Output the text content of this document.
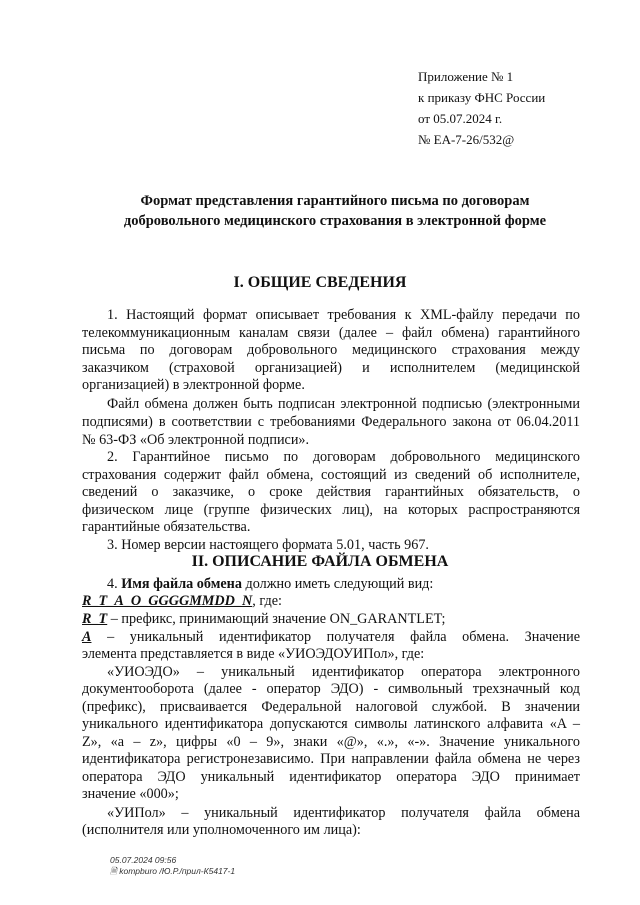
Приложение № 1
к приказу ФНС России
от 05.07.2024 г.
№ ЕА-7-26/532@
Формат представления гарантийного письма по договорам
добровольного медицинского страхования в электронной форме
I. ОБЩИЕ СВЕДЕНИЯ
1. Настоящий формат описывает требования к XML-файлу передачи по
телекоммуникационным каналам связи (далее – файл обмена) гарантийного
письма по договорам добровольного медицинского страхования между
заказчиком (страховой организацией) и исполнителем (медицинской
организацией) в электронной форме.
Файл обмена должен быть подписан электронной подписью (электронными
подписями) в соответствии с требованиями Федерального закона от 06.04.2011
№ 63-ФЗ «Об электронной подписи».
2. Гарантийное письмо по договорам добровольного медицинского
страхования содержит файл обмена, состоящий из сведений об исполнителе,
сведений о заказчике, о сроке действия гарантийных обязательств, о
физическом лице (группе физических лиц), на которых распространяются
гарантийные обязательства.
3. Номер версии настоящего формата 5.01, часть 967.
II. ОПИСАНИЕ ФАЙЛА ОБМЕНА
4. Имя файла обмена должно иметь следующий вид:
R_T_A_O_GGGGMMDD_N, где:
R_T – префикс, принимающий значение ON_GARANTLET;
A – уникальный идентификатор получателя файла обмена. Значение
элемента представляется в виде «УИОЭДОУИПол», где:
«УИОЭДО» – уникальный идентификатор оператора электронного
документооборота (далее - оператор ЭДО) - символьный трехзначный код
(префикс), присваивается Федеральной налоговой службой. В значении
уникального идентификатора допускаются символы латинского алфавита «A –
Z», «a – z», цифры «0 – 9», знаки «@», «.», «-». Значение уникального
идентификатора регистронезависимо. При направлении файла обмена не через
оператора ЭДО уникальный идентификатор оператора ЭДО принимает
значение «000»;
«УИПол» – уникальный идентификатор получателя файла обмена
(исполнителя или уполномоченного им лица):
05.07.2024 09:56
🗎 kompburo /Ю.Р./прил-К5417-1
